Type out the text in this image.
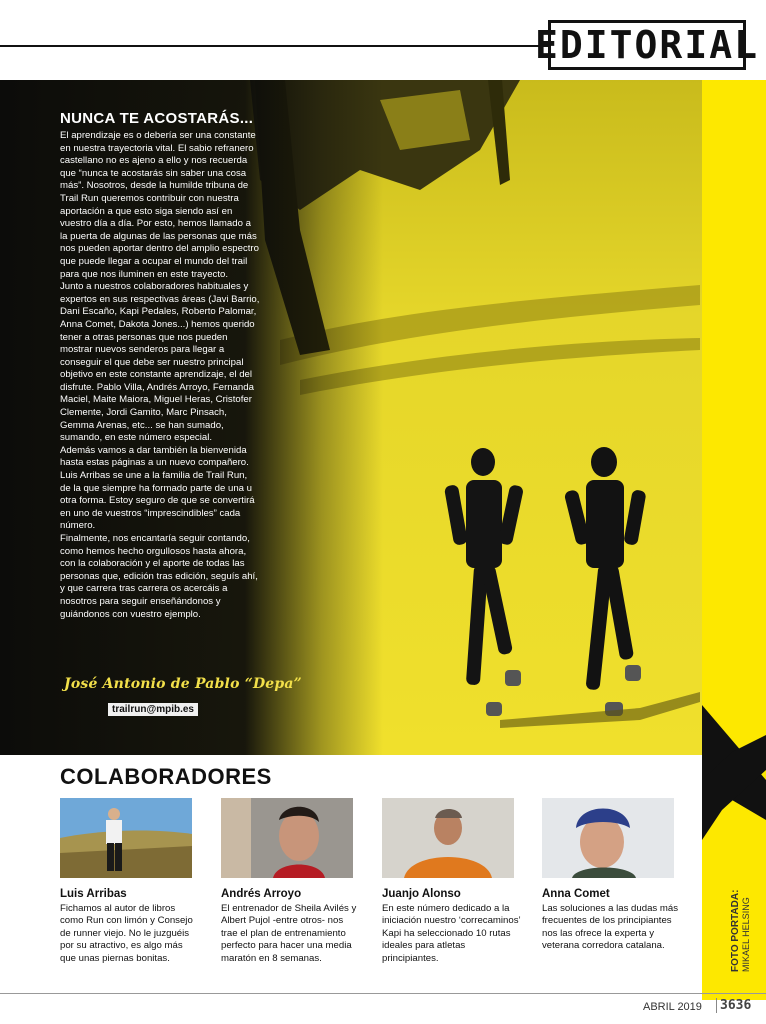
EDITORIAL
NUNCA TE ACOSTARÁS...

El aprendizaje es o debería ser una constante en nuestra trayectoria vital. El sabio refranero castellano no es ajeno a ello y nos recuerda que “nunca te acostarás sin saber una cosa más”. Nosotros, desde la humilde tribuna de Trail Run queremos contribuir con nuestra aportación a que esto siga siendo así en vuestro día a día. Por esto, hemos llamado a la puerta de algunas de las personas que más nos pueden aportar dentro del amplio espectro que puede llegar a ocupar el mundo del trail para que nos iluminen en este trayecto.

Junto a nuestros colaboradores habituales y expertos en sus respectivas áreas (Javi Barrio, Dani Escaño, Kapi Pedales, Roberto Palomar, Anna Comet, Dakota Jones...) hemos querido tener a otras personas que nos pueden mostrar nuevos senderos para llegar a conseguir el que debe ser nuestro principal objetivo en este constante aprendizaje, el del disfrute. Pablo Villa, Andrés Arroyo, Fernanda Maciel, Maite Maiora, Miguel Heras, Cristofer Clemente, Jordi Gamito, Marc Pinsach, Gemma Arenas, etc... se han sumado, sumando, en este número especial.

Además vamos a dar también la bienvenida hasta estas páginas a un nuevo compañero. Luis Arribas se une a la familia de Trail Run, de la que siempre ha formado parte de una u otra forma. Estoy seguro de que se convertirá en uno de vuestros “imprescindibles” cada número.

Finalmente, nos encantaría seguir contando, como hemos hecho orgullosos hasta ahora, con la colaboración y el aporte de todas las personas que, edición tras edición, seguís ahí, y que carrera tras carrera os acercáis a nosotros para seguir enseñándonos y guiándonos con vuestro ejemplo.

José Antonio de Pablo “Depa”
trailrun@mpib.es
COLABORADORES
Luis Arribas
Fichamos al autor de libros como Run con limón y Consejo de runner viejo. No le juzguéis por su atractivo, es algo más que unas piernas bonitas.
Andrés Arroyo
El entrenador de Sheila Avilés y Albert Pujol -entre otros- nos trae el plan de entrenamiento perfecto para hacer una media maratón en 8 semanas.
Juanjo Alonso
En este número dedicado a la iniciación nuestro ‘correcaminos’ Kapi ha seleccionado 10 rutas ideales para atletas principiantes.
Anna Comet
Las soluciones a las dudas más frecuentes de los principiantes nos las ofrece la experta y veterana corredora catalana.	FOTO PORTADA:
MIKAEL HELSING
ABRIL 2019	3636
